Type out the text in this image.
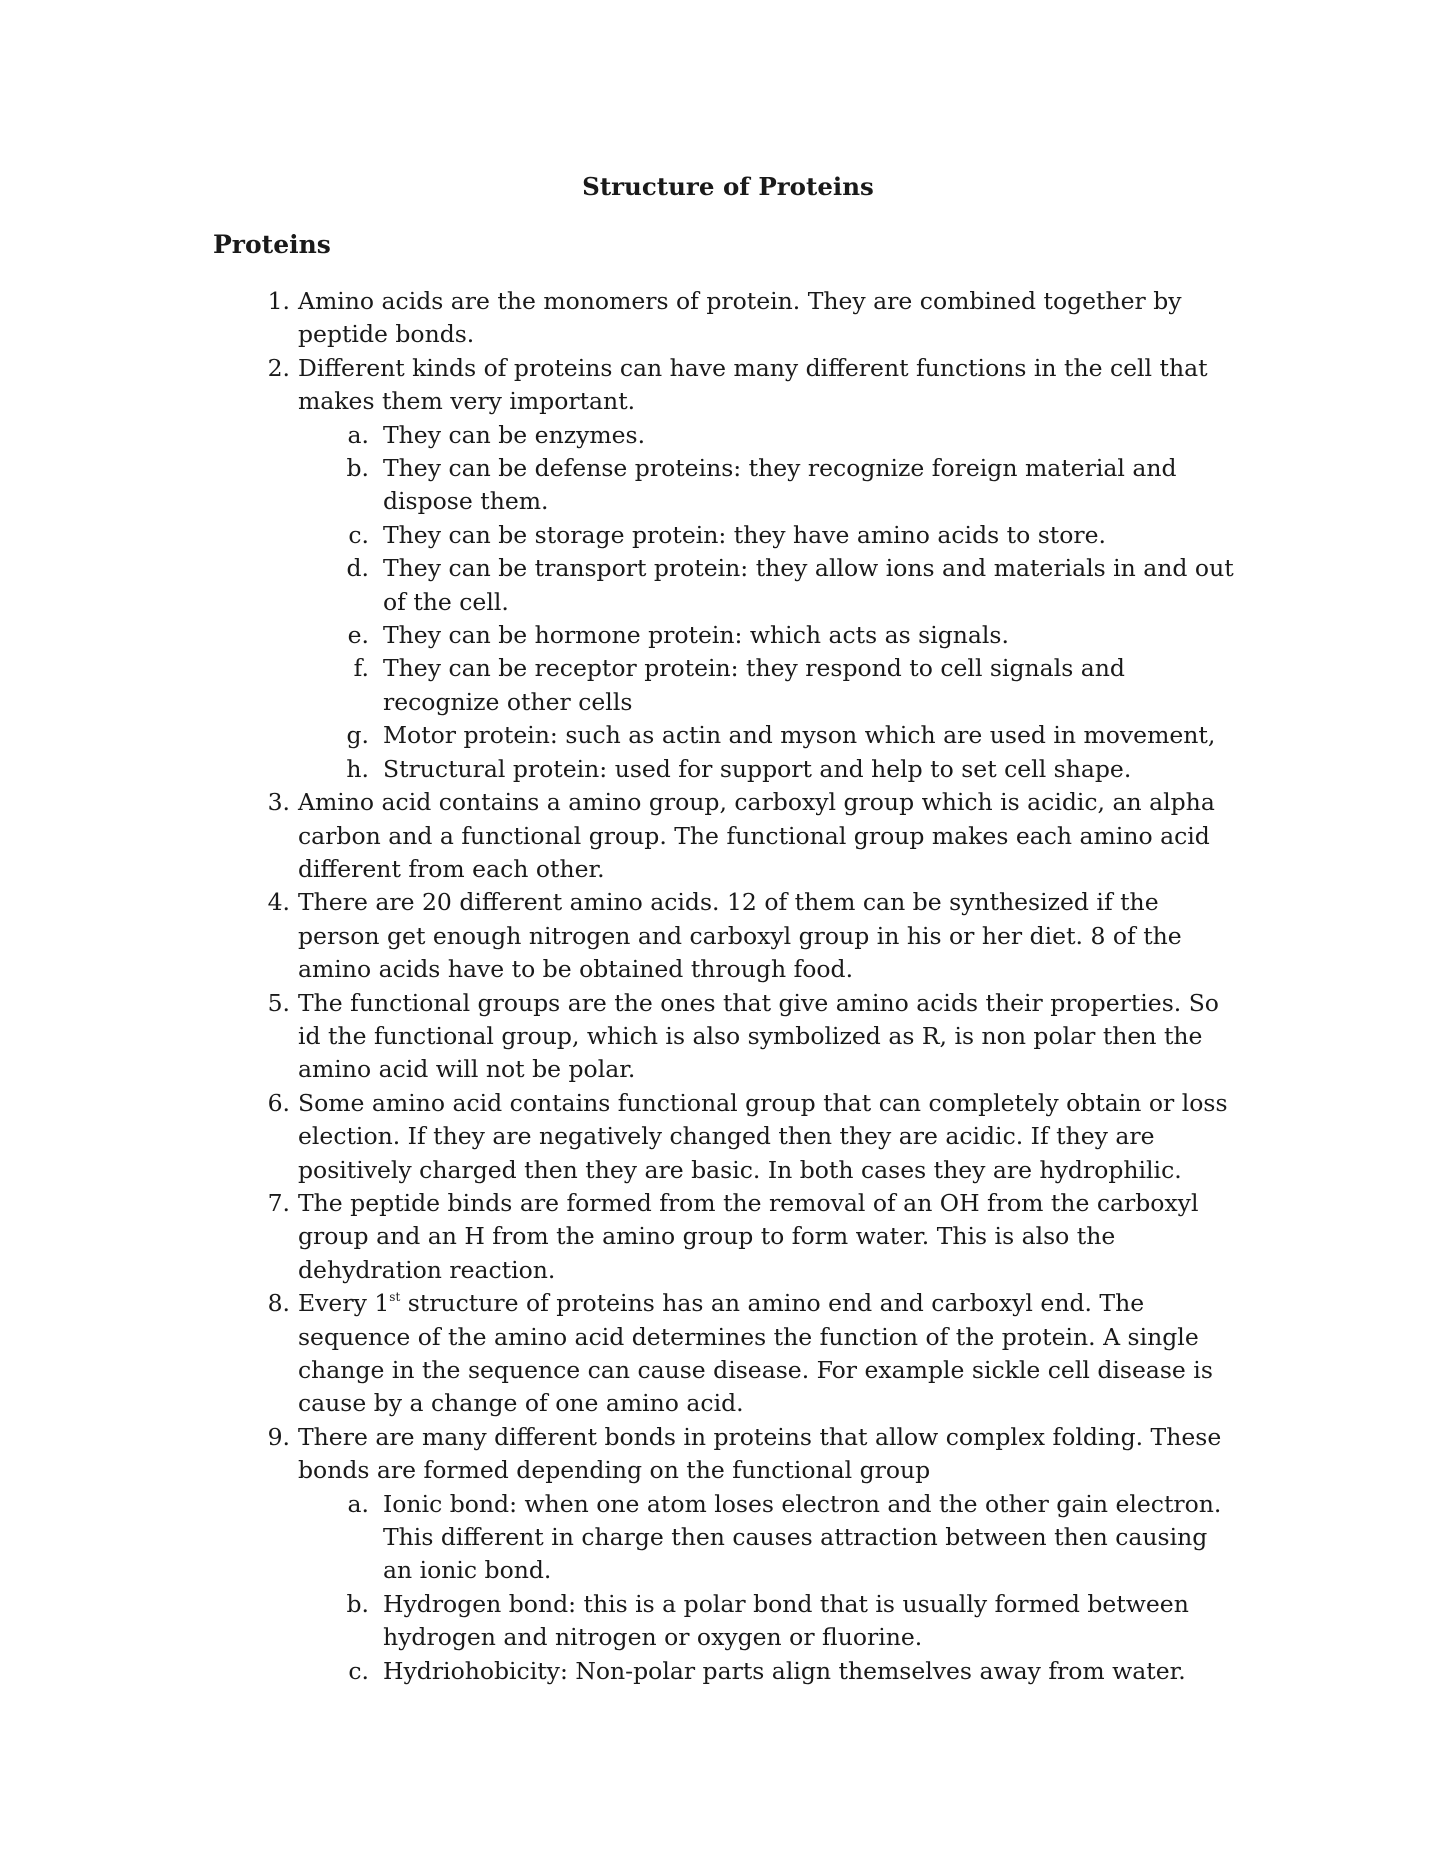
Structure of Proteins
Proteins
1. Amino acids are the monomers of protein. They are combined together by peptide bonds.
2. Different kinds of proteins can have many different functions in the cell that makes them very important.
a. They can be enzymes.
b. They can be defense proteins: they recognize foreign material and dispose them.
c. They can be storage protein: they have amino acids to store.
d. They can be transport protein: they allow ions and materials in and out of the cell.
e. They can be hormone protein: which acts as signals.
f. They can be receptor protein: they respond to cell signals and recognize other cells
g. Motor protein: such as actin and myson which are used in movement,
h. Structural protein: used for support and help to set cell shape.
3. Amino acid contains a amino group, carboxyl group which is acidic, an alpha carbon and a functional group. The functional group makes each amino acid different from each other.
4. There are 20 different amino acids. 12 of them can be synthesized if the person get enough nitrogen and carboxyl group in his or her diet. 8 of the amino acids have to be obtained through food.
5. The functional groups are the ones that give amino acids their properties. So id the functional group, which is also symbolized as R, is non polar then the amino acid will not be polar.
6. Some amino acid contains functional group that can completely obtain or loss election. If they are negatively changed then they are acidic. If they are positively charged then they are basic. In both cases they are hydrophilic.
7. The peptide binds are formed from the removal of an OH from the carboxyl group and an H from the amino group to form water. This is also the dehydration reaction.
8. Every 1st structure of proteins has an amino end and carboxyl end. The sequence of the amino acid determines the function of the protein. A single change in the sequence can cause disease. For example sickle cell disease is cause by a change of one amino acid.
9. There are many different bonds in proteins that allow complex folding. These bonds are formed depending on the functional group
a. Ionic bond: when one atom loses electron and the other gain electron. This different in charge then causes attraction between then causing an ionic bond.
b. Hydrogen bond: this is a polar bond that is usually formed between hydrogen and nitrogen or oxygen or fluorine.
c. Hydriohobicity: Non-polar parts align themselves away from water.
